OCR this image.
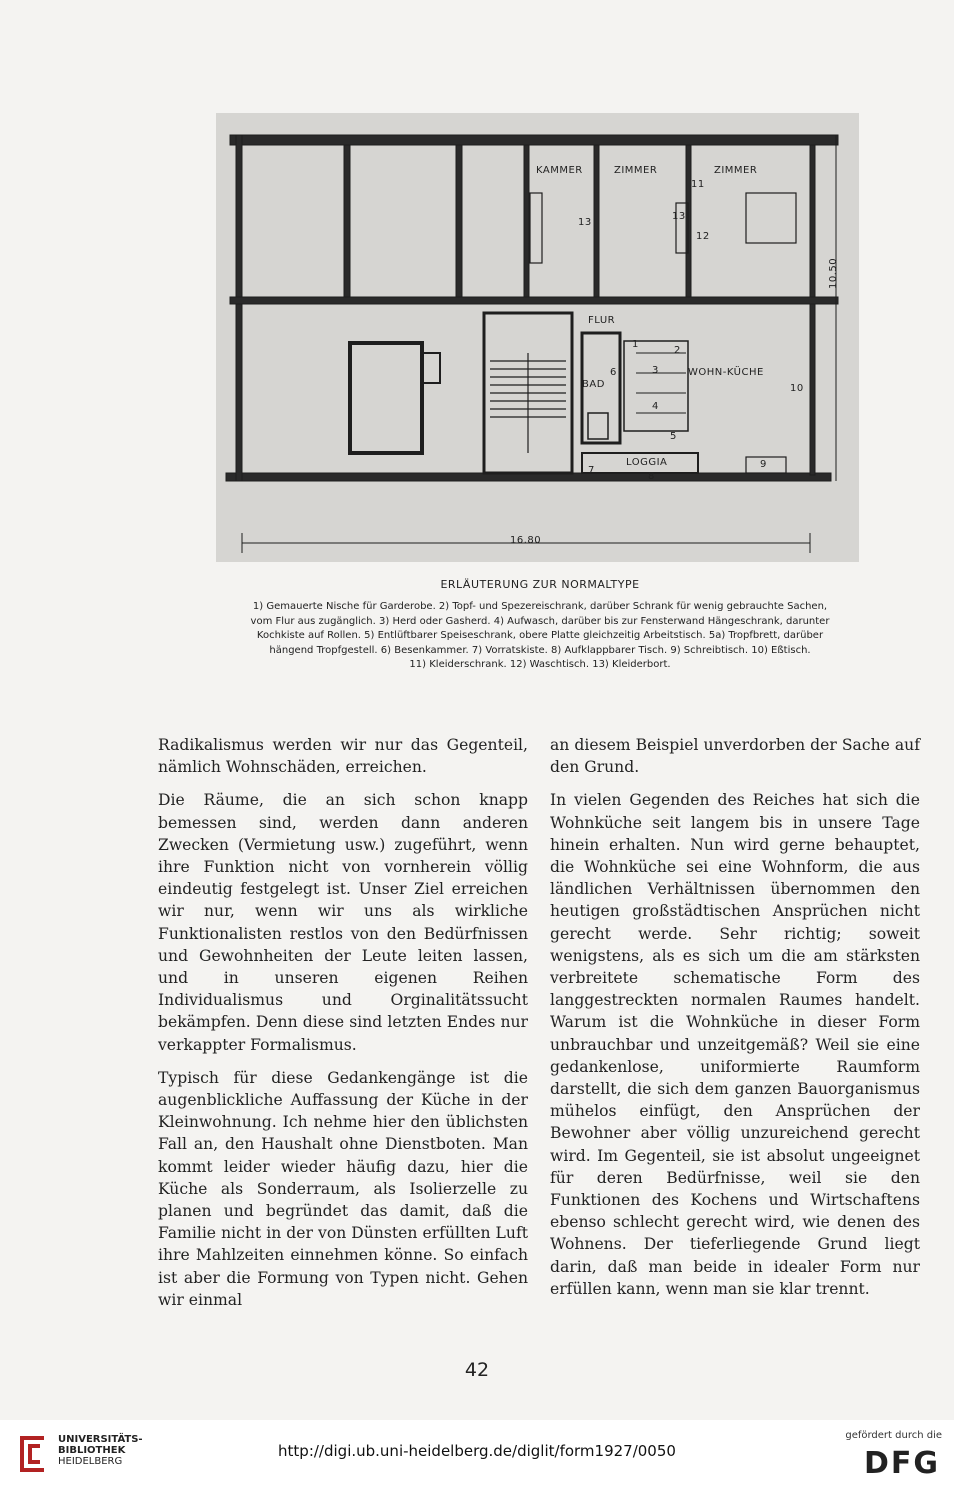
KAMMER	ZIMMER	ZIMMER
FLUR
BAD
WOHN-KÜCHE
LOGGIA
11
12
13
13
1
2
3
4
5
6
7
8
9
10
10.50
16.80
ERLÄUTERUNG ZUR NORMALTYPE
1) Gemauerte Nische für Garderobe. 2) Topf- und Spezereischrank, darüber Schrank für wenig gebrauchte Sachen,
vom Flur aus zugänglich. 3) Herd oder Gasherd. 4) Aufwasch, darüber bis zur Fensterwand Hängeschrank, darunter
Kochkiste auf Rollen. 5) Entlüftbarer Speiseschrank, obere Platte gleichzeitig Arbeitstisch. 5a) Tropfbrett, darüber
hängend Tropfgestell. 6) Besenkammer. 7) Vorratskiste. 8) Aufklappbarer Tisch. 9) Schreibtisch. 10) Eßtisch.
11) Kleiderschrank. 12) Waschtisch. 13) Kleiderbort.

Radikalismus werden wir nur das Gegenteil, nämlich Wohnschäden, erreichen.

Die Räume, die an sich schon knapp bemessen sind, werden dann anderen Zwecken (Vermietung usw.) zugeführt, wenn ihre Funktion nicht von vornherein völlig eindeutig festgelegt ist. Unser Ziel erreichen wir nur, wenn wir uns als wirkliche Funktionalisten restlos von den Bedürfnissen und Gewohnheiten der Leute leiten lassen, und in unseren eigenen Reihen Individualismus und Orginalitätssucht bekämpfen. Denn diese sind letzten Endes nur verkappter Formalismus.

Typisch für diese Gedankengänge ist die augenblickliche Auffassung der Küche in der Kleinwohnung. Ich nehme hier den üblichsten Fall an, den Haushalt ohne Dienstboten. Man kommt leider wieder häufig dazu, hier die Küche als Sonderraum, als Isolierzelle zu planen und begründet das damit, daß die Familie nicht in der von Dünsten erfüllten Luft ihre Mahlzeiten einnehmen könne. So einfach ist aber die Formung von Typen nicht. Gehen wir einmal

an diesem Beispiel unverdorben der Sache auf den Grund.

In vielen Gegenden des Reiches hat sich die Wohnküche seit langem bis in unsere Tage hinein erhalten. Nun wird gerne behauptet, die Wohnküche sei eine Wohnform, die aus ländlichen Verhältnissen übernommen den heutigen großstädtischen Ansprüchen nicht gerecht werde. Sehr richtig; soweit wenigstens, als es sich um die am stärksten verbreitete schematische Form des langgestreckten normalen Raumes handelt. Warum ist die Wohnküche in dieser Form unbrauchbar und unzeitgemäß? Weil sie eine gedankenlose, uniformierte Raumform darstellt, die sich dem ganzen Bauorganismus mühelos einfügt, den Ansprüchen der Bewohner aber völlig unzureichend gerecht wird. Im Gegenteil, sie ist absolut ungeeignet für deren Bedürfnisse, weil sie den Funktionen des Kochens und Wirtschaftens ebenso schlecht gerecht wird, wie denen des Wohnens. Der tieferliegende Grund liegt darin, daß man beide in idealer Form nur erfüllen kann, wenn man sie klar trennt.

42
UNIVERSITÄTS-
BIBLIOTHEK
HEIDELBERG
http://digi.ub.uni-heidelberg.de/diglit/form1927/0050
gefördert durch die
DFG
